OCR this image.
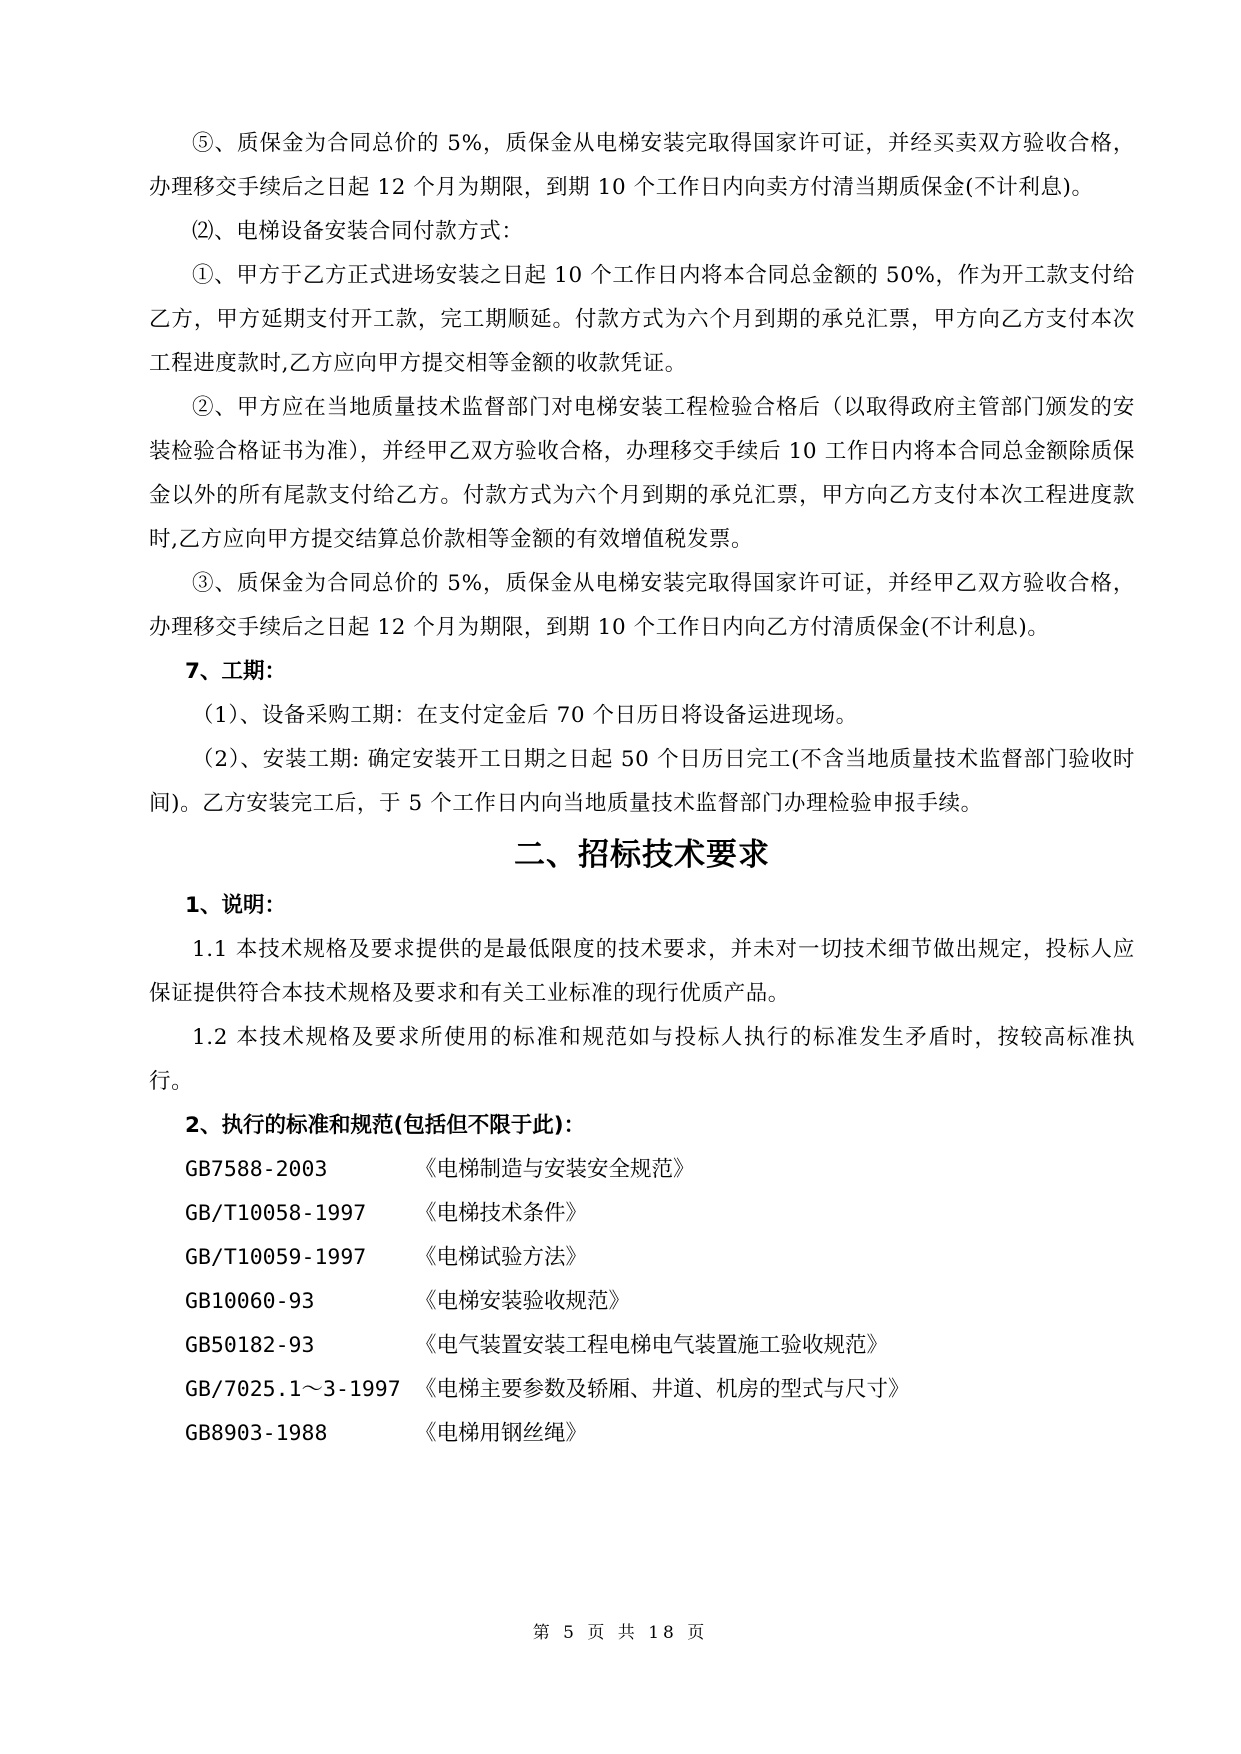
⑤、质保金为合同总价的 5%，质保金从电梯安装完取得国家许可证，并经买卖双方验收合格，办理移交手续后之日起 12 个月为期限，到期 10 个工作日内向卖方付清当期质保金(不计利息)。

⑵、电梯设备安装合同付款方式：

①、甲方于乙方正式进场安装之日起 10 个工作日内将本合同总金额的 50%，作为开工款支付给乙方，甲方延期支付开工款，完工期顺延。付款方式为六个月到期的承兑汇票，甲方向乙方支付本次工程进度款时,乙方应向甲方提交相等金额的收款凭证。

②、甲方应在当地质量技术监督部门对电梯安装工程检验合格后（以取得政府主管部门颁发的安装检验合格证书为准），并经甲乙双方验收合格，办理移交手续后 10 工作日内将本合同总金额除质保金以外的所有尾款支付给乙方。付款方式为六个月到期的承兑汇票，甲方向乙方支付本次工程进度款时,乙方应向甲方提交结算总价款相等金额的有效增值税发票。

③、质保金为合同总价的 5%，质保金从电梯安装完取得国家许可证，并经甲乙双方验收合格，办理移交手续后之日起 12 个月为期限，到期 10 个工作日内向乙方付清质保金(不计利息)。

7、工期：

（1）、设备采购工期：在支付定金后 70 个日历日将设备运进现场。

（2）、安装工期: 确定安装开工日期之日起 50 个日历日完工(不含当地质量技术监督部门验收时间)。乙方安装完工后，于 5 个工作日内向当地质量技术监督部门办理检验申报手续。

二、招标技术要求

1、说明：

1.1 本技术规格及要求提供的是最低限度的技术要求，并未对一切技术细节做出规定，投标人应保证提供符合本技术规格及要求和有关工业标准的现行优质产品。

1.2 本技术规格及要求所使用的标准和规范如与投标人执行的标准发生矛盾时，按较高标准执行。

2、执行的标准和规范(包括但不限于此)：

GB7588-2003	《电梯制造与安装安全规范》
GB/T10058-1997	《电梯技术条件》
GB/T10059-1997	《电梯试验方法》
GB10060-93	《电梯安装验收规范》
GB50182-93	《电气装置安装工程电梯电气装置施工验收规范》
GB/7025.1～3-1997 《电梯主要参数及轿厢、井道、机房的型式与尺寸》
GB8903-1988	《电梯用钢丝绳》
第 5 页 共 18 页
